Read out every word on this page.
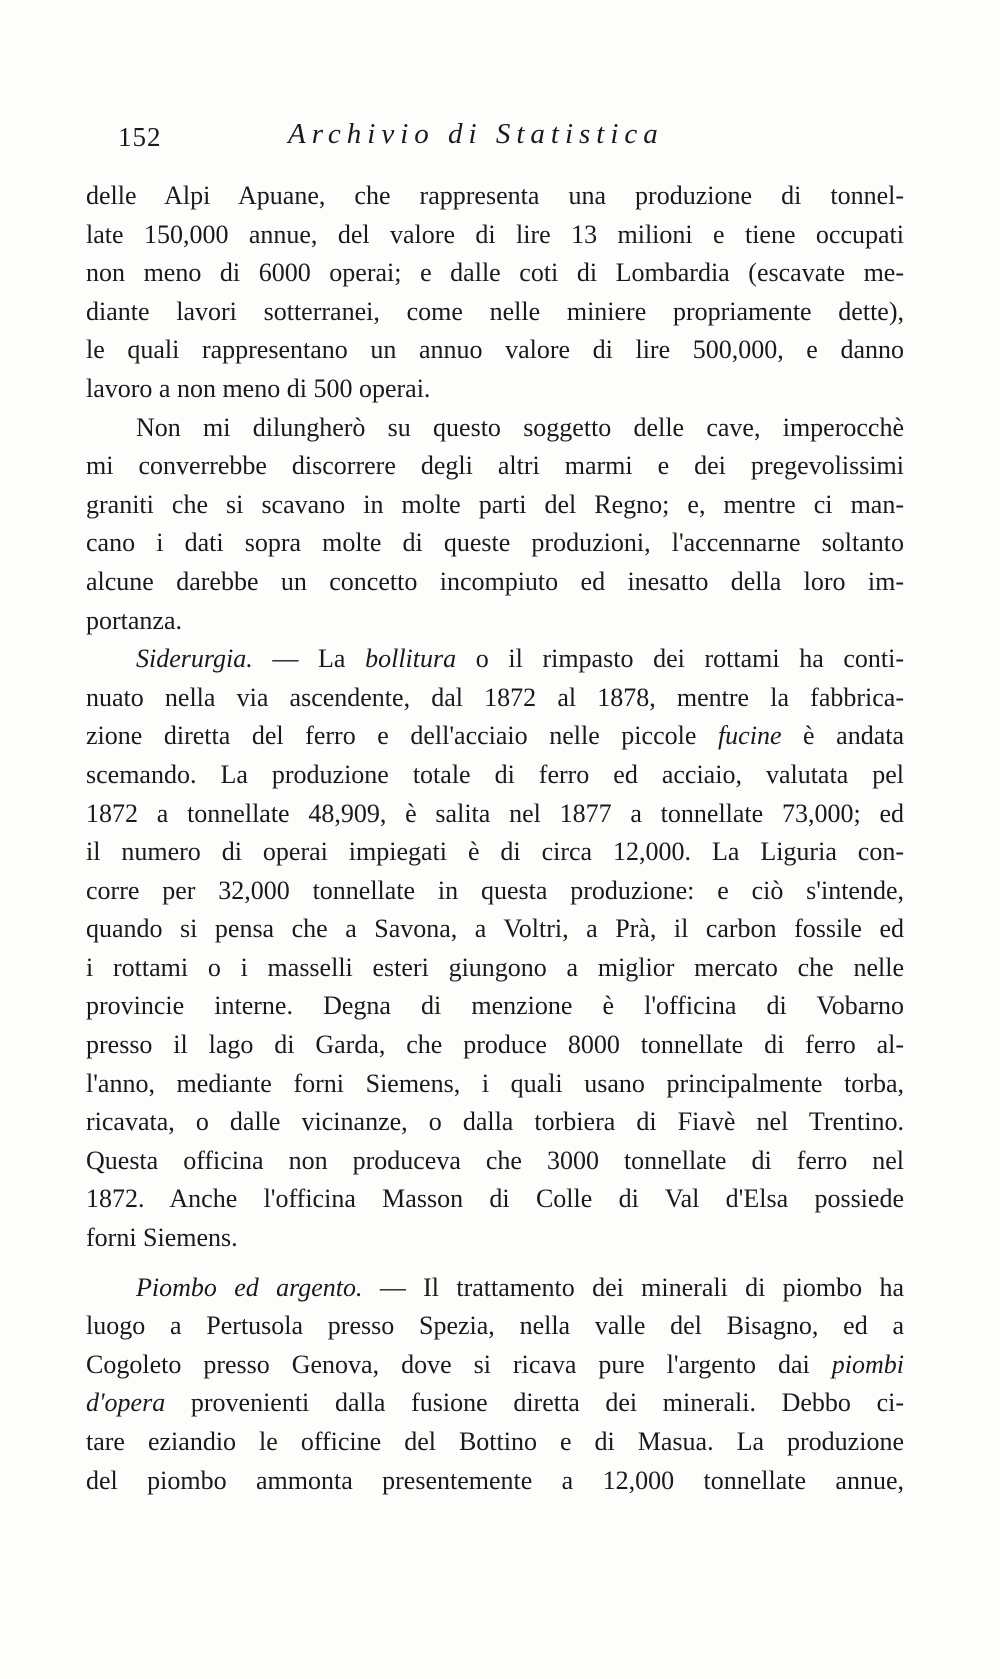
152	Archivio di Statistica
delle Alpi Apuane, che rappresenta una produzione di tonnel-
late 150,000 annue, del valore di lire 13 milioni e tiene occupati
non meno di 6000 operai; e dalle coti di Lombardia (escavate me-
diante lavori sotterranei, come nelle miniere propriamente dette),
le quali rappresentano un annuo valore di lire 500,000, e danno
lavoro a non meno di 500 operai.
Non mi dilungherò su questo soggetto delle cave, imperocchè
mi converrebbe discorrere degli altri marmi e dei pregevolissimi
graniti che si scavano in molte parti del Regno; e, mentre ci man-
cano i dati sopra molte di queste produzioni, l'accennarne soltanto
alcune darebbe un concetto incompiuto ed inesatto della loro im-
portanza.
Siderurgia. — La bollitura o il rimpasto dei rottami ha conti-
nuato nella via ascendente, dal 1872 al 1878, mentre la fabbrica-
zione diretta del ferro e dell'acciaio nelle piccole fucine è andata
scemando. La produzione totale di ferro ed acciaio, valutata pel
1872 a tonnellate 48,909, è salita nel 1877 a tonnellate 73,000; ed
il numero di operai impiegati è di circa 12,000. La Liguria con-
corre per 32,000 tonnellate in questa produzione: e ciò s'intende,
quando si pensa che a Savona, a Voltri, a Prà, il carbon fossile ed
i rottami o i masselli esteri giungono a miglior mercato che nelle
provincie interne. Degna di menzione è l'officina di Vobarno
presso il lago di Garda, che produce 8000 tonnellate di ferro al-
l'anno, mediante forni Siemens, i quali usano principalmente torba,
ricavata, o dalle vicinanze, o dalla torbiera di Fiavè nel Trentino.
Questa officina non produceva che 3000 tonnellate di ferro nel
1872. Anche l'officina Masson di Colle di Val d'Elsa possiede
forni Siemens.
Piombo ed argento. — Il trattamento dei minerali di piombo ha
luogo a Pertusola presso Spezia, nella valle del Bisagno, ed a
Cogoleto presso Genova, dove si ricava pure l'argento dai piombi
d'opera provenienti dalla fusione diretta dei minerali. Debbo ci-
tare eziandio le officine del Bottino e di Masua. La produzione
del piombo ammonta presentemente a 12,000 tonnellate annue,
